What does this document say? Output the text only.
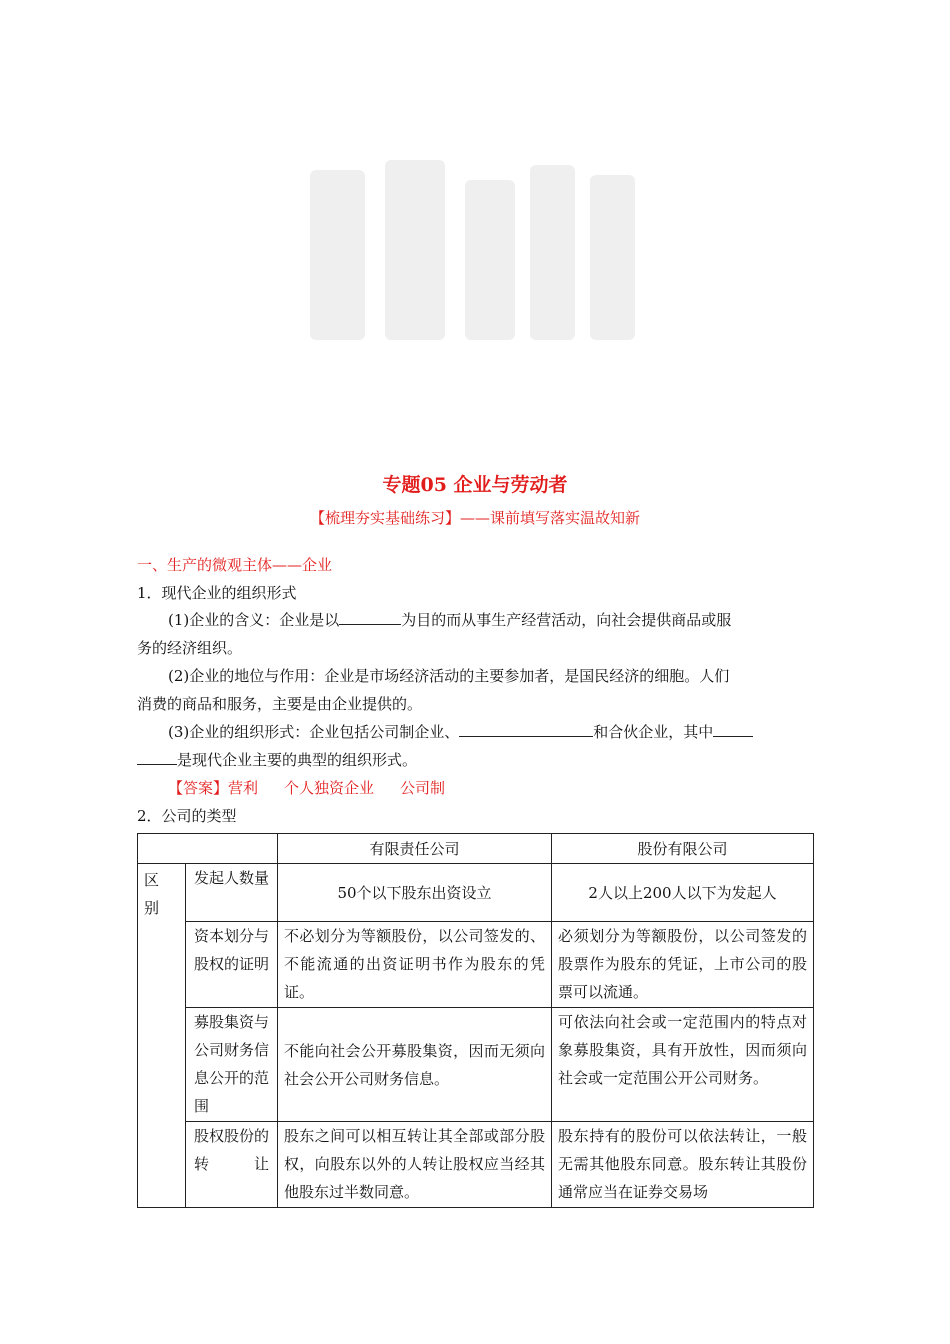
专题05 企业与劳动者
【梳理夯实基础练习】——课前填写落实温故知新
一、生产的微观主体——企业
1．现代企业的组织形式
(1)企业的含义：企业是以	为目的而从事生产经营活动，向社会提供商品或服
务的经济组织。
(2)企业的地位与作用：企业是市场经济活动的主要参加者，是国民经济的细胞。人们
消费的商品和服务，主要是由企业提供的。
(3)企业的组织形式：企业包括公司制企业、	和合伙企业，其中
是现代企业主要的典型的组织形式。
【答案】营利 个人独资企业 公司制
2．公司的类型
		有限责任公司	股份有限公司

区别	发起人数量	50个以下股东出资设立	2人以上200人以下为发起人
	资本划分与股权的证明	不必划分为等额股份，以公司签发的、不能流通的出资证明书作为股东的凭证。	必须划分为等额股份，以公司签发的股票作为股东的凭证，上市公司的股票可以流通。
	募股集资与公司财务信息公开的范围	不能向社会公开募股集资，因而无须向社会公开公司财务信息。	可依法向社会或一定范围内的特点对象募股集资，具有开放性，因而须向社会或一定范围公开公司财务。
	股权股份的转让	股东之间可以相互转让其全部或部分股权，向股东以外的人转让股权应当经其他股东过半数同意。	股东持有的股份可以依法转让，一般无需其他股东同意。股东转让其股份通常应当在证券交易场
